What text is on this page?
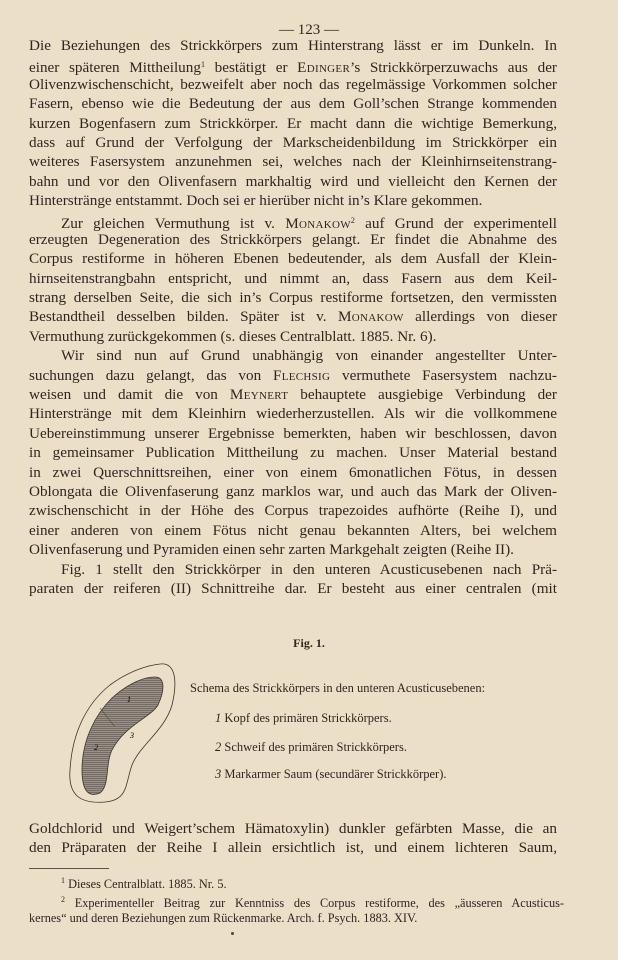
— 123 —
Die Beziehungen des Strickkörpers zum Hinterstrang lässt er im Dunkeln. In
einer späteren Mittheilung$^1$ bestätigt er Edinger’s Strickkörperzuwachs aus der
Olivenzwischenschicht, bezweifelt aber noch das regelmässige Vorkommen solcher
Fasern, ebenso wie die Bedeutung der aus dem Goll’schen Strange kommenden
kurzen Bogenfasern zum Strickkörper. Er macht dann die wichtige Bemerkung,
dass auf Grund der Verfolgung der Markscheidenbildung im Strickkörper ein
weiteres Fasersystem anzunehmen sei, welches nach der Kleinhirnseitenstrang-
bahn und vor den Olivenfasern markhaltig wird und vielleicht den Kernen der
Hinterstränge entstammt. Doch sei er hierüber nicht in’s Klare gekommen.
Zur gleichen Vermuthung ist v. Monakow$^2$ auf Grund der experimentell
erzeugten Degeneration des Strickkörpers gelangt. Er findet die Abnahme des
Corpus restiforme in höheren Ebenen bedeutender, als dem Ausfall der Klein-
hirnseitenstrangbahn entspricht, und nimmt an, dass Fasern aus dem Keil-
strang derselben Seite, die sich in’s Corpus restiforme fortsetzen, den vermissten
Bestandtheil desselben bilden. Später ist v. Monakow allerdings von dieser
Vermuthung zurückgekommen (s. dieses Centralblatt. 1885. Nr. 6).
Wir sind nun auf Grund unabhängig von einander angestellter Unter-
suchungen dazu gelangt, das von Flechsig vermuthete Fasersystem nachzu-
weisen und damit die von Meynert behauptete ausgiebige Verbindung der
Hinterstränge mit dem Kleinhirn wiederherzustellen. Als wir die vollkommene
Uebereinstimmung unserer Ergebnisse bemerkten, haben wir beschlossen, davon
in gemeinsamer Publication Mittheilung zu machen. Unser Material bestand
in zwei Querschnittsreihen, einer von einem 6monatlichen Fötus, in dessen
Oblongata die Olivenfaserung ganz marklos war, und auch das Mark der Oliven-
zwischenschicht in der Höhe des Corpus trapezoides aufhörte (Reihe I), und
einer anderen von einem Fötus nicht genau bekannten Alters, bei welchem
Olivenfaserung und Pyramiden einen sehr zarten Markgehalt zeigten (Reihe II).
Fig. 1 stellt den Strickkörper in den unteren Acusticusebenen nach Prä-
paraten der reiferen (II) Schnittreihe dar. Er besteht aus einer centralen (mit
Fig. 1.
1
2
3
Schema des Strickkörpers in den unteren Acusticusebenen:
1 Kopf des primären Strickkörpers.
2 Schweif des primären Strickkörpers.
3 Markarmer Saum (secundärer Strickkörper).
Goldchlorid und Weigert’schem Hämatoxylin) dunkler gefärbten Masse, die an
den Präparaten der Reihe I allein ersichtlich ist, und einem lichteren Saum,
$^1$ Dieses Centralblatt. 1885. Nr. 5.
$^2$ Experimenteller Beitrag zur Kenntniss des Corpus restiforme, des „äusseren Acusticus-
kernes“ und deren Beziehungen zum Rückenmarke. Arch. f. Psych. 1883. XIV.
